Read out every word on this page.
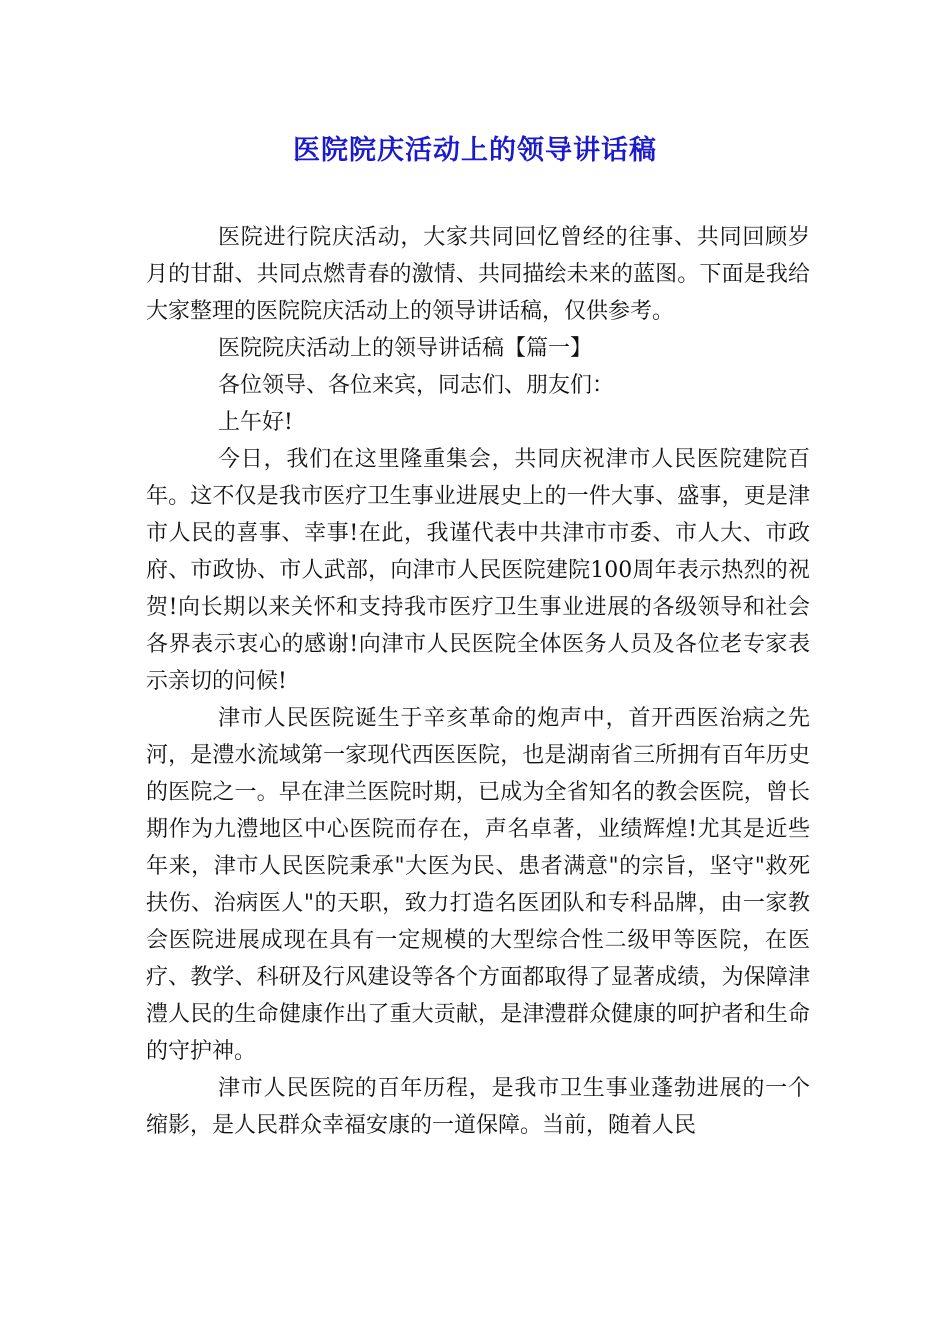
医院院庆活动上的领导讲话稿

医院进行院庆活动，大家共同回忆曾经的往事、共同回顾岁月的甘甜、共同点燃青春的激情、共同描绘未来的蓝图。下面是我给大家整理的医院院庆活动上的领导讲话稿，仅供参考。

医院院庆活动上的领导讲话稿【篇一】

各位领导、各位来宾，同志们、朋友们：

上午好!

今日，我们在这里隆重集会，共同庆祝津市人民医院建院百年。这不仅是我市医疗卫生事业进展史上的一件大事、盛事，更是津市人民的喜事、幸事!在此，我谨代表中共津市市委、市人大、市政府、市政协、市人武部，向津市人民医院建院100周年表示热烈的祝贺!向长期以来关怀和支持我市医疗卫生事业进展的各级领导和社会各界表示衷心的感谢!向津市人民医院全体医务人员及各位老专家表示亲切的问候!

津市人民医院诞生于辛亥革命的炮声中，首开西医治病之先河，是澧水流域第一家现代西医医院，也是湖南省三所拥有百年历史的医院之一。早在津兰医院时期，已成为全省知名的教会医院，曾长期作为九澧地区中心医院而存在，声名卓著，业绩辉煌!尤其是近些年来，津市人民医院秉承"大医为民、患者满意"的宗旨，坚守"救死扶伤、治病医人"的天职，致力打造名医团队和专科品牌，由一家教会医院进展成现在具有一定规模的大型综合性二级甲等医院，在医疗、教学、科研及行风建设等各个方面都取得了显著成绩，为保障津澧人民的生命健康作出了重大贡献，是津澧群众健康的呵护者和生命的守护神。

津市人民医院的百年历程，是我市卫生事业蓬勃进展的一个缩影，是人民群众幸福安康的一道保障。当前，随着人民
